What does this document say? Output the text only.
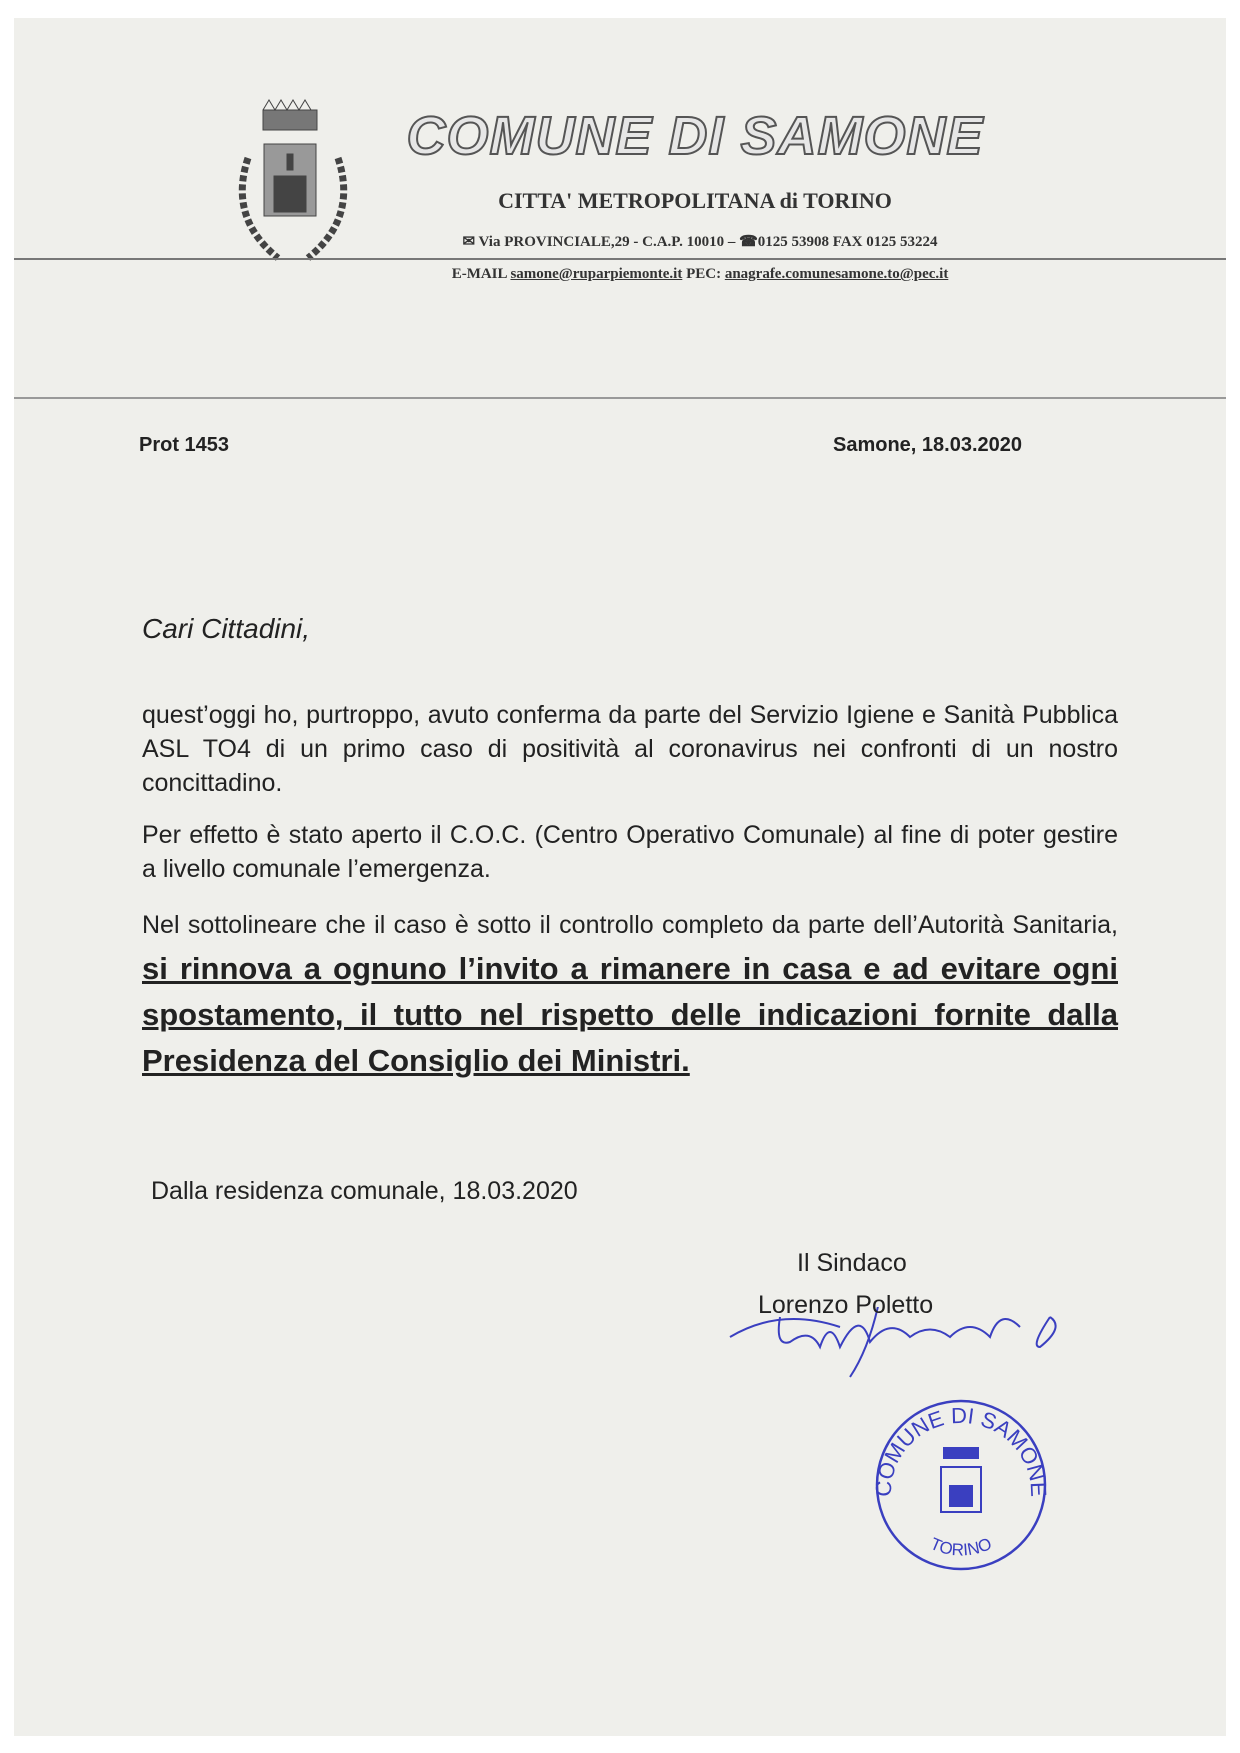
COMUNE DI SAMONE
CITTA' METROPOLITANA di TORINO
✉ Via PROVINCIALE,29 - C.A.P. 10010 – ☎0125 53908 FAX 0125 53224
E-MAIL samone@ruparpiemonte.it PEC: anagrafe.comunesamone.to@pec.it
Prot 1453	Samone, 18.03.2020
Cari Cittadini,
quest’oggi ho, purtroppo, avuto conferma da parte del Servizio Igiene e Sanità Pubblica ASL TO4 di un primo caso di positività al coronavirus nei confronti di un nostro concittadino.
Per effetto è stato aperto il C.O.C. (Centro Operativo Comunale) al fine di poter gestire a livello comunale l’emergenza.
Nel sottolineare che il caso è sotto il controllo completo da parte dell’Autorità Sanitaria, si rinnova a ognuno l’invito a rimanere in casa e ad evitare ogni spostamento, il tutto nel rispetto delle indicazioni fornite dalla Presidenza del Consiglio dei Ministri.
Dalla residenza comunale, 18.03.2020
Il Sindaco
Lorenzo Poletto
COMUNE DI SAMONE
TORINO
